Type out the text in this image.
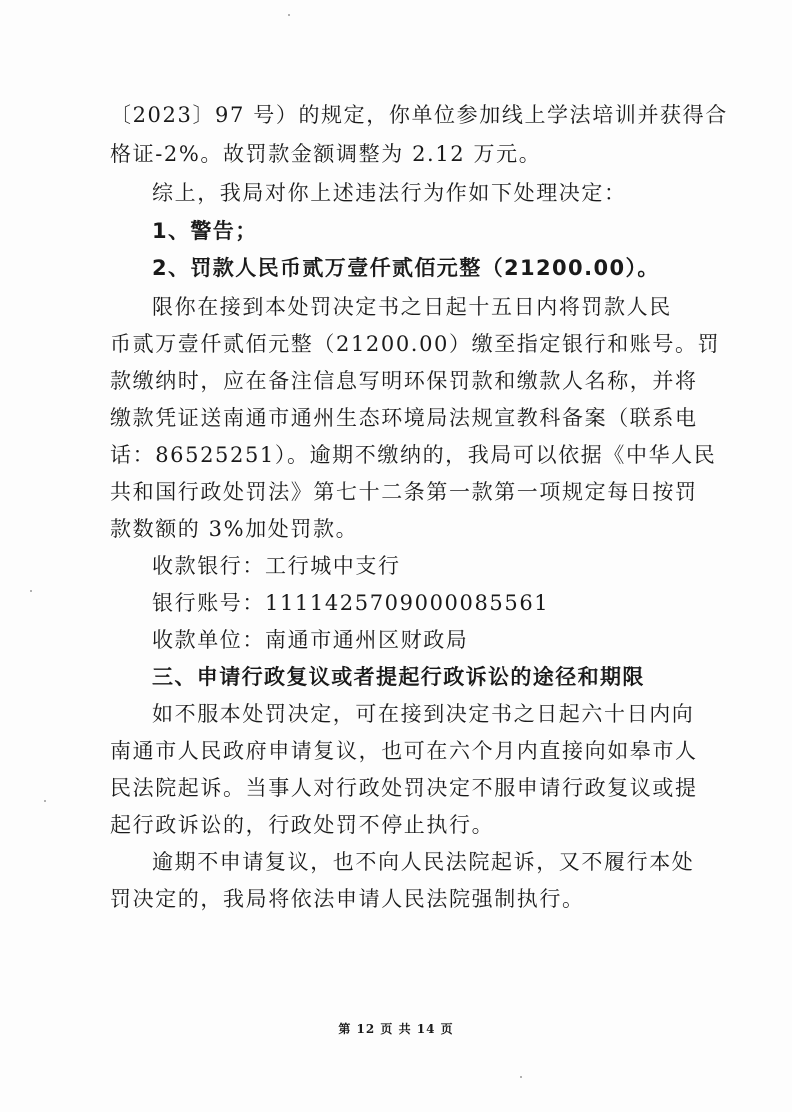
〔2023〕97 号）的规定，你单位参加线上学法培训并获得合
格证-2%。故罚款金额调整为 2.12 万元。
综上，我局对你上述违法行为作如下处理决定：
1、警告；
2、罚款人民币贰万壹仟贰佰元整（21200.00）。
限你在接到本处罚决定书之日起十五日内将罚款人民
币贰万壹仟贰佰元整（21200.00）缴至指定银行和账号。罚
款缴纳时，应在备注信息写明环保罚款和缴款人名称，并将
缴款凭证送南通市通州生态环境局法规宣教科备案（联系电
话：86525251）。逾期不缴纳的，我局可以依据《中华人民
共和国行政处罚法》第七十二条第一款第一项规定每日按罚
款数额的 3%加处罚款。
收款银行：工行城中支行
银行账号：1111425709000085561
收款单位：南通市通州区财政局
三、申请行政复议或者提起行政诉讼的途径和期限
如不服本处罚决定，可在接到决定书之日起六十日内向
南通市人民政府申请复议，也可在六个月内直接向如皋市人
民法院起诉。当事人对行政处罚决定不服申请行政复议或提
起行政诉讼的，行政处罚不停止执行。
逾期不申请复议，也不向人民法院起诉，又不履行本处
罚决定的，我局将依法申请人民法院强制执行。
第 12 页 共 14 页
